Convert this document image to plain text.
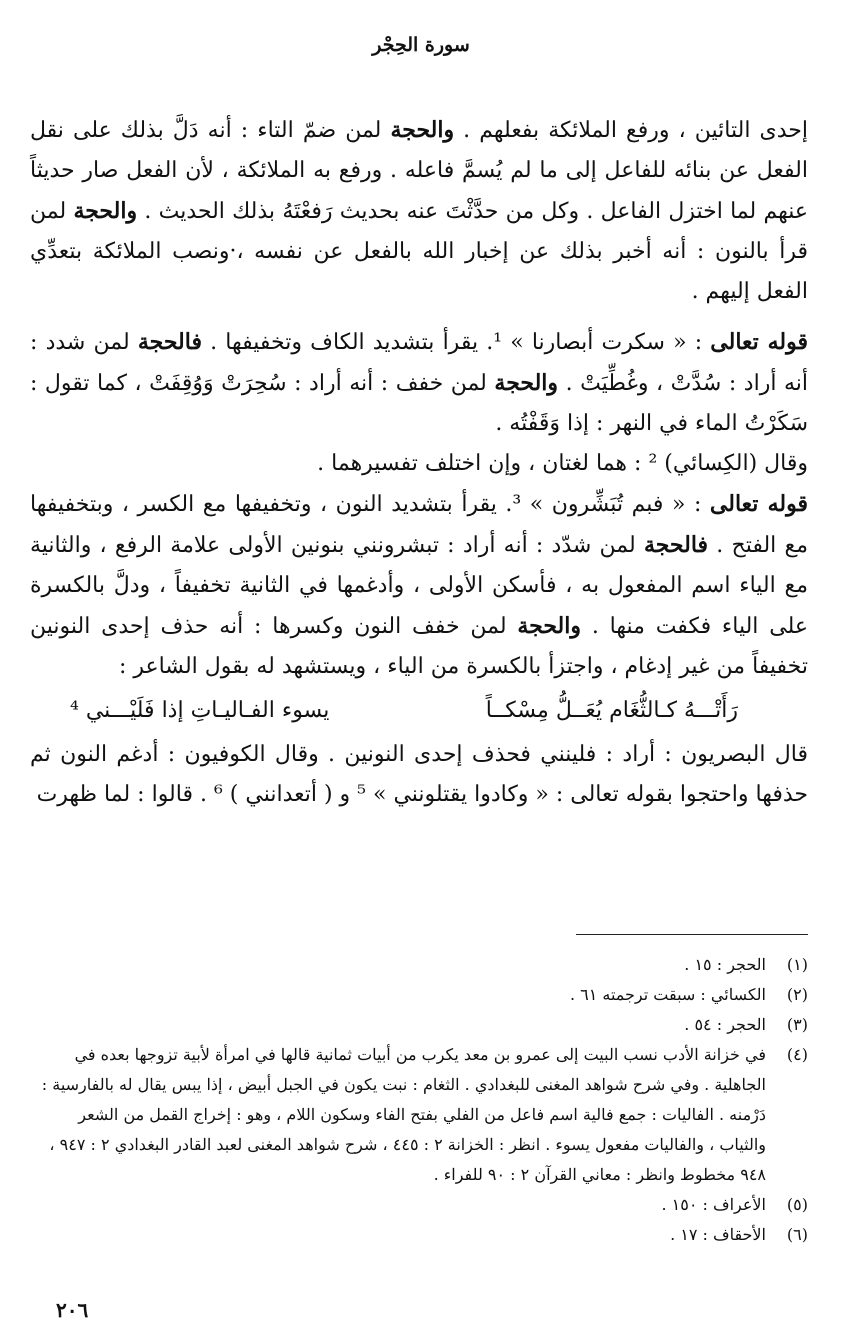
سورة الحِجْر

إحدى التائين ، ورفع الملائكة بفعلهم . والحجة لمن ضمّ التاء : أنه دَلَّ بذلك على نقل الفعل عن بنائه للفاعل إلى ما لم يُسمَّ فاعله . ورفع به الملائكة ، لأن الفعل صار حديثاً عنهم لما اختزل الفاعل . وكل من حدَّثْتَ عنه بحديث رَفعْتَهُ بذلك الحديث . والحجة لمن قرأ بالنون : أنه أخبر بذلك عن إخبار الله بالفعل عن نفسه ،·ونصب الملائكة بتعدِّي الفعل إليهم .

قوله تعالى : « سكرت أبصارنا » ¹. يقرأ بتشديد الكاف وتخفيفها . فالحجة لمن شدد : أنه أراد : سُدَّتْ ، وغُطِّيَتْ . والحجة لمن خفف : أنه أراد : سُحِرَتْ وَوُقِفَتْ ، كما تقول : سَكَرْتُ الماء في النهر : إذا وَقَفْتُه .

وقال (الكِسائي) ² : هما لغتان ، وإن اختلف تفسيرهما .

قوله تعالى : « فبم تُبَشِّرون » ³. يقرأ بتشديد النون ، وتخفيفها مع الكسر ، وبتخفيفها مع الفتح . فالحجة لمن شدّد : أنه أراد : تبشرونني بنونين الأولى علامة الرفع ، والثانية مع الياء اسم المفعول به ، فأسكن الأولى ، وأدغمها في الثانية تخفيفاً ، ودلَّ بالكسرة على الياء فكفت منها . والحجة لمن خفف النون وكسرها : أنه حذف إحدى النونين تخفيفاً من غير إدغام ، واجتزأ بالكسرة من الياء ، ويستشهد له بقول الشاعر :

رَأَتْـــهُ كـالثُّغَام يُعَــلُّ مِسْكــاً
يسوء الفـاليـاتِ إذا فَلَيْـــني ⁴

قال البصريون : أراد : فلينني فحذف إحدى النونين . وقال الكوفيون : أدغم النون ثم حذفها واحتجوا بقوله تعالى : « وكادوا يقتلونني » ⁵ و ( أتعدانني ) ⁶ . قالوا : لما ظهرت

(١)
الحجر : ١٥ .
(٢)
الكسائي : سبقت ترجمته ٦١ .
(٣)
الحجر : ٥٤ .
(٤)
في خزانة الأدب نسب البيت إلى عمرو بن معد يكرب من أبيات ثمانية قالها في امرأة لأبية تزوجها بعده في الجاهلية . وفي شرح شواهد المغنى للبغدادي . الثغام : نبت يكون في الجبل أبيض ، إذا يبس يقال له بالفارسية : دَرْمنه . الفاليات : جمع فالية اسم فاعل من الفلي بفتح الفاء وسكون اللام ، وهو : إخراج القمل من الشعر والثياب ، والفاليات مفعول يسوء . انظر : الخزانة ٢ : ٤٤٥ ، شرح شواهد المغنى لعبد القادر البغدادي ٢ : ٩٤٧ ، ٩٤٨ مخطوط وانظر : معاني القرآن ٢ : ٩٠ للفراء .
(٥)
الأعراف : ١٥٠ .
(٦)
الأحقاف : ١٧ .
٢٠٦
